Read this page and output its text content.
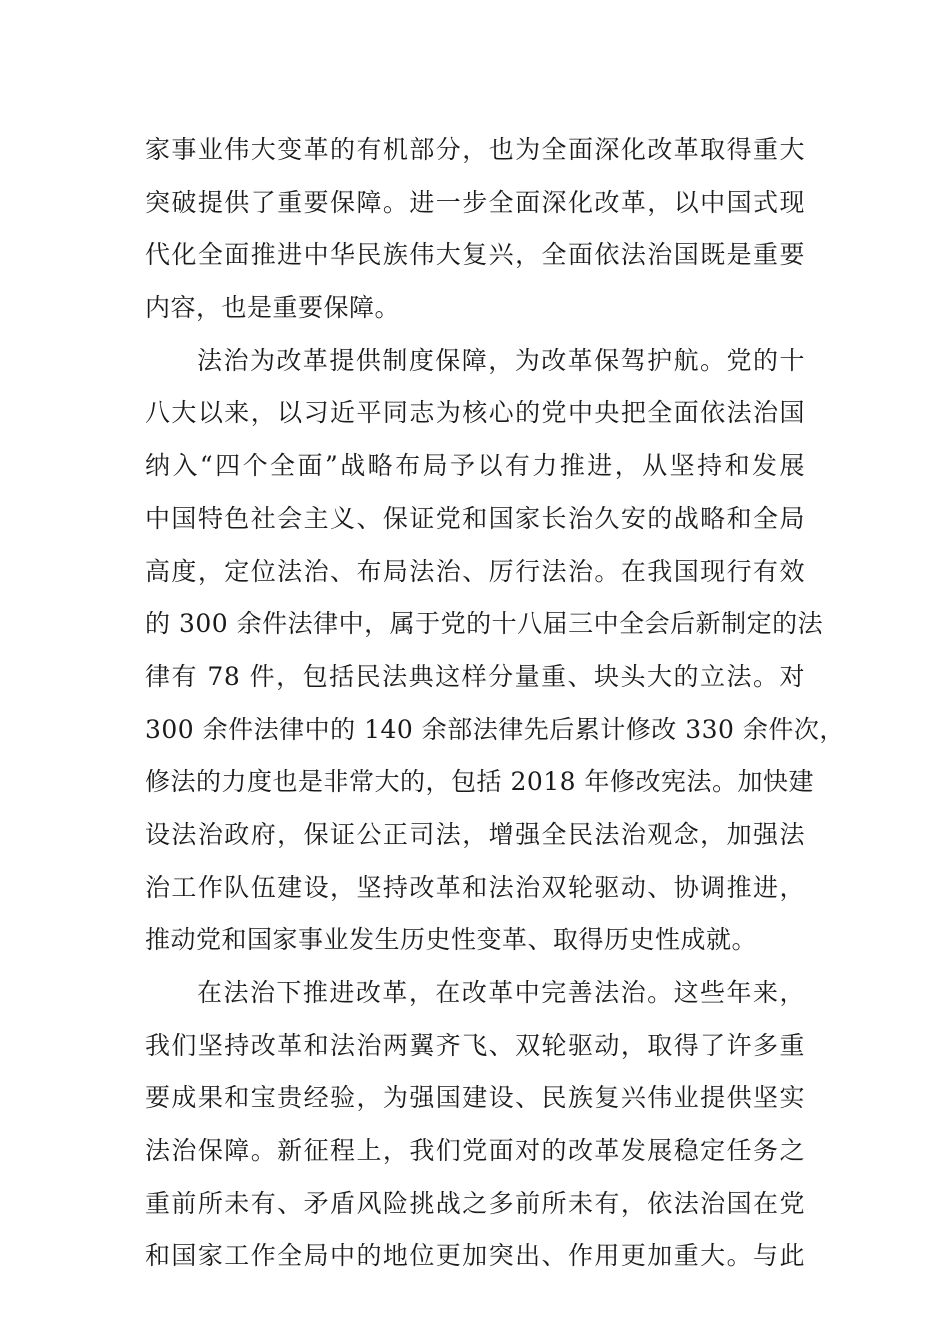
家事业伟大变革的有机部分，也为全面深化改革取得重大
突破提供了重要保障。进一步全面深化改革，以中国式现
代化全面推进中华民族伟大复兴，全面依法治国既是重要
内容，也是重要保障。
法治为改革提供制度保障，为改革保驾护航。党的十
八大以来，以习近平同志为核心的党中央把全面依法治国
纳入“四个全面”战略布局予以有力推进，从坚持和发展
中国特色社会主义、保证党和国家长治久安的战略和全局
高度，定位法治、布局法治、厉行法治。在我国现行有效
的 300 余件法律中，属于党的十八届三中全会后新制定的法
律有 78 件，包括民法典这样分量重、块头大的立法。对
300 余件法律中的 140 余部法律先后累计修改 330 余件次，
修法的力度也是非常大的，包括 2018 年修改宪法。加快建
设法治政府，保证公正司法，增强全民法治观念，加强法
治工作队伍建设，坚持改革和法治双轮驱动、协调推进，
推动党和国家事业发生历史性变革、取得历史性成就。
在法治下推进改革，在改革中完善法治。这些年来，
我们坚持改革和法治两翼齐飞、双轮驱动，取得了许多重
要成果和宝贵经验，为强国建设、民族复兴伟业提供坚实
法治保障。新征程上，我们党面对的改革发展稳定任务之
重前所未有、矛盾风险挑战之多前所未有，依法治国在党
和国家工作全局中的地位更加突出、作用更加重大。与此
